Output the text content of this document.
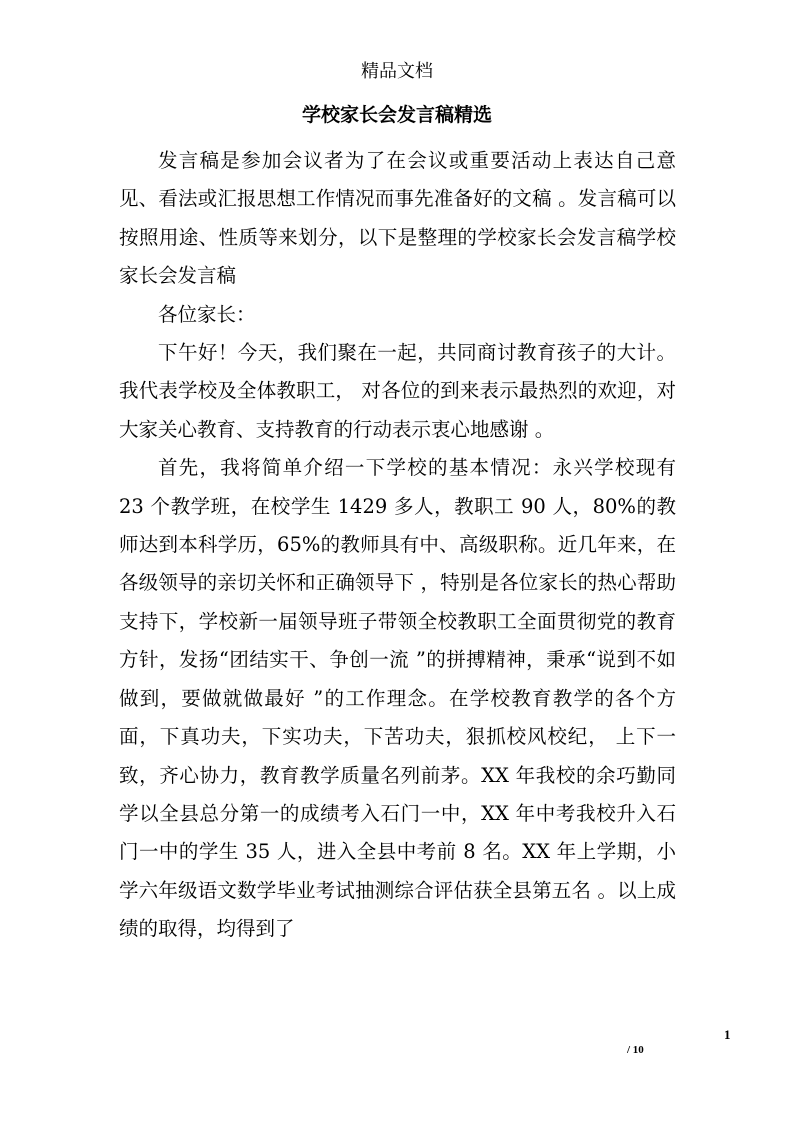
精品文档
学校家长会发言稿精选

发言稿是参加会议者为了在会议或重要活动上表达自己意见、看法或汇报思想工作情况而事先准备好的文稿 。发言稿可以按照用途、性质等来划分，以下是整理的学校家长会发言稿学校家长会发言稿

各位家长：

下午好！今天，我们聚在一起，共同商讨教育孩子的大计。我代表学校及全体教职工， 对各位的到来表示最热烈的欢迎，对大家关心教育、支持教育的行动表示衷心地感谢 。

首先，我将简单介绍一下学校的基本情况：永兴学校现有 23 个教学班，在校学生 1429 多人，教职工 90 人，80%的教师达到本科学历，65%的教师具有中、高级职称。近几年来，在各级领导的亲切关怀和正确领导下 ，特别是各位家长的热心帮助支持下，学校新一届领导班子带领全校教职工全面贯彻党的教育方针，发扬“团结实干、争创一流 ”的拼搏精神，秉承“说到不如做到，要做就做最好 ”的工作理念。在学校教育教学的各个方面，下真功夫，下实功夫，下苦功夫，狠抓校风校纪， 上下一致，齐心协力，教育教学质量名列前茅。XX 年我校的余巧勤同学以全县总分第一的成绩考入石门一中，XX 年中考我校升入石门一中的学生 35 人，进入全县中考前 8 名。XX 年上学期，小学六年级语文数学毕业考试抽测综合评估获全县第五名 。以上成绩的取得，均得到了

1
/ 10
